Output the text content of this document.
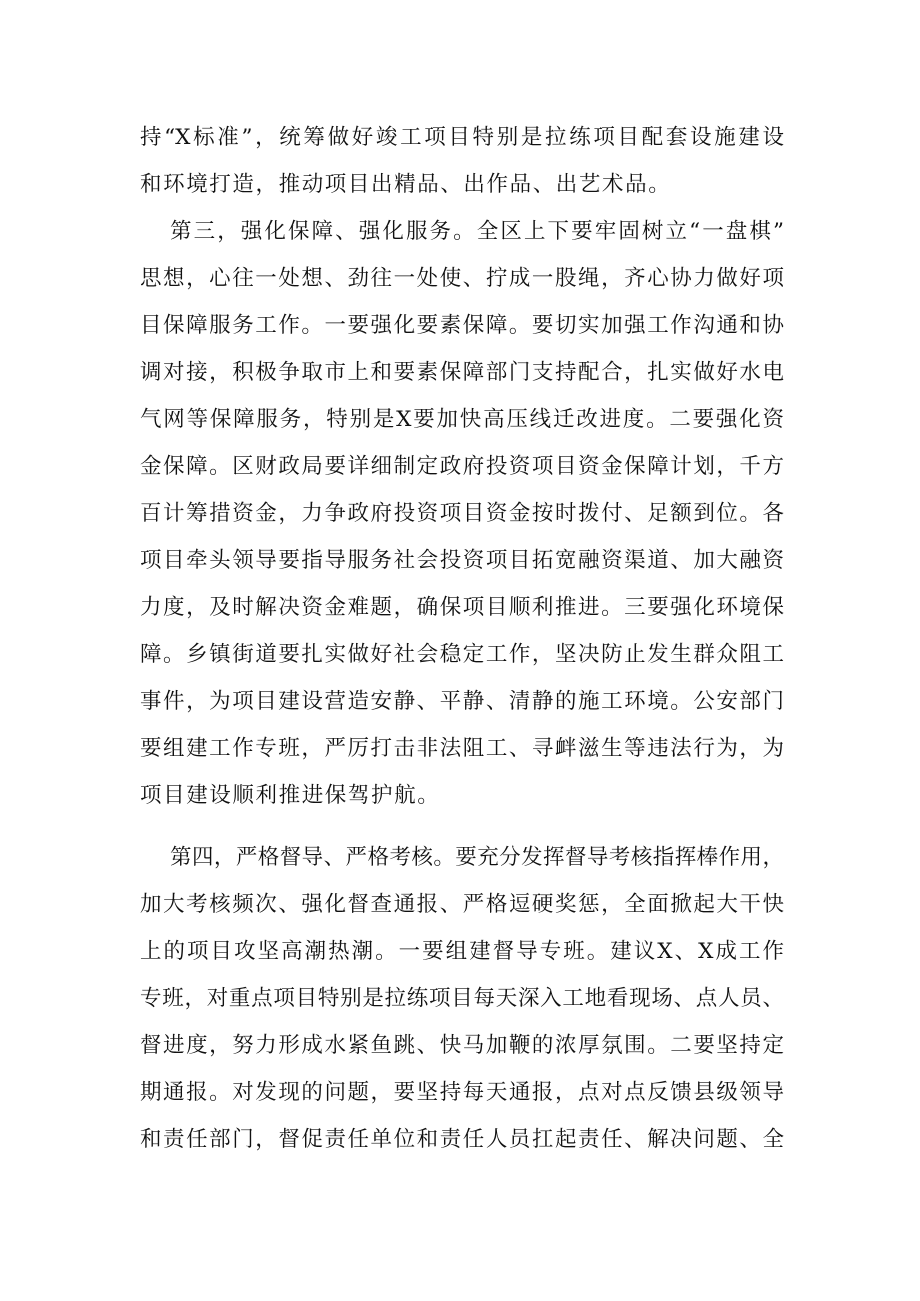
持“X标准”，统筹做好竣工项目特别是拉练项目配套设施建设
和环境打造，推动项目出精品、出作品、出艺术品。
第三，强化保障、强化服务。全区上下要牢固树立“一盘棋”
思想，心往一处想、劲往一处使、拧成一股绳，齐心协力做好项
目保障服务工作。一要强化要素保障。要切实加强工作沟通和协
调对接，积极争取市上和要素保障部门支持配合，扎实做好水电
气网等保障服务，特别是X要加快高压线迁改进度。二要强化资
金保障。区财政局要详细制定政府投资项目资金保障计划，千方
百计筹措资金，力争政府投资项目资金按时拨付、足额到位。各
项目牵头领导要指导服务社会投资项目拓宽融资渠道、加大融资
力度，及时解决资金难题，确保项目顺利推进。三要强化环境保
障。乡镇街道要扎实做好社会稳定工作，坚决防止发生群众阻工
事件，为项目建设营造安静、平静、清静的施工环境。公安部门
要组建工作专班，严厉打击非法阻工、寻衅滋生等违法行为，为
项目建设顺利推进保驾护航。
第四，严格督导、严格考核。要充分发挥督导考核指挥棒作用，
加大考核频次、强化督查通报、严格逗硬奖惩，全面掀起大干快
上的项目攻坚高潮热潮。一要组建督导专班。建议X、X成工作
专班，对重点项目特别是拉练项目每天深入工地看现场、点人员、
督进度，努力形成水紧鱼跳、快马加鞭的浓厚氛围。二要坚持定
期通报。对发现的问题，要坚持每天通报，点对点反馈县级领导
和责任部门，督促责任单位和责任人员扛起责任、解决问题、全
